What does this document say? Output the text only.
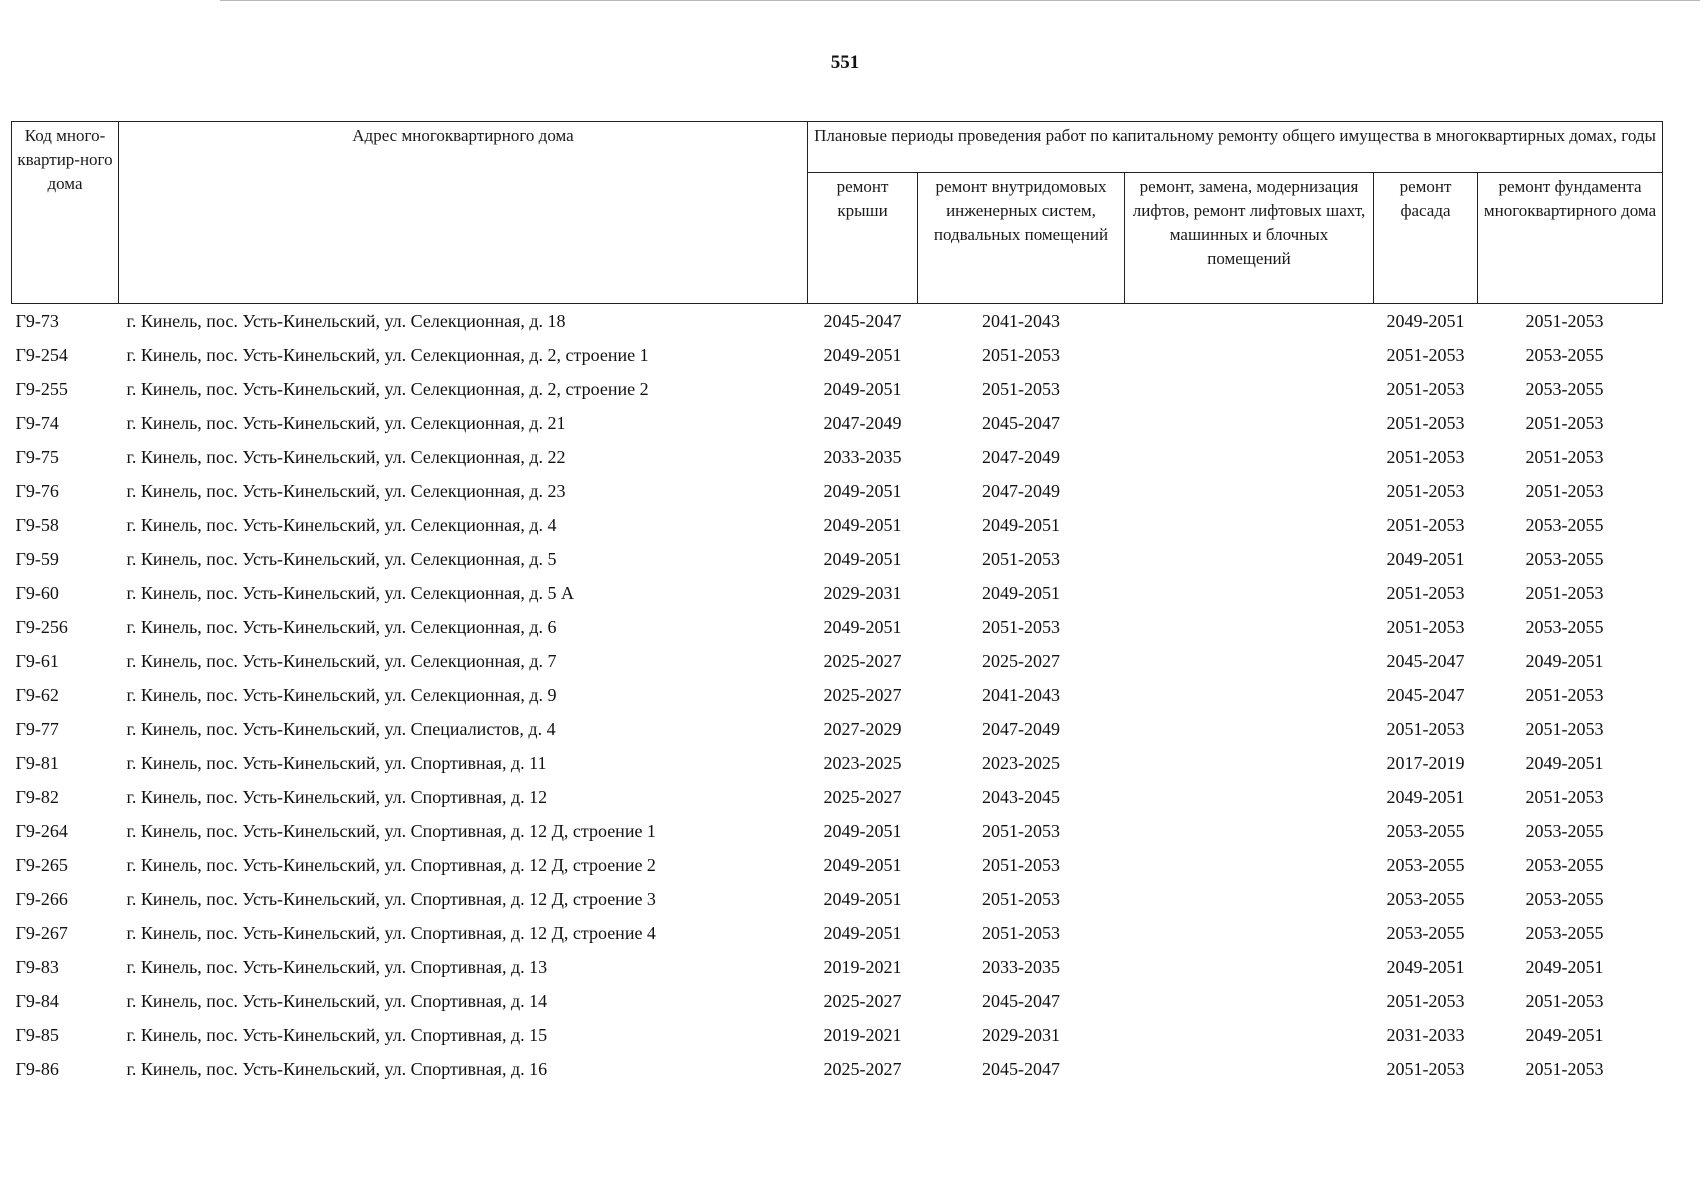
551
Код много-квартир-ного дома	Адрес многоквартирного дома	Плановые периоды проведения работ по капитальному ремонту общего имущества в многоквартирных домах, годы				
		ремонт крыши	ремонт внутридомовых инженерных систем, подвальных помещений	ремонт, замена, модернизация лифтов, ремонт лифтовых шахт, машинных и блочных помещений	ремонт фасада	ремонт фундамента многоквартирного дома
Г9-73	г. Кинель, пос. Усть-Кинельский, ул. Селекционная, д. 18	2045-2047	2041-2043		2049-2051	2051-2053
Г9-254	г. Кинель, пос. Усть-Кинельский, ул. Селекционная, д. 2, строение 1	2049-2051	2051-2053		2051-2053	2053-2055
Г9-255	г. Кинель, пос. Усть-Кинельский, ул. Селекционная, д. 2, строение 2	2049-2051	2051-2053		2051-2053	2053-2055
Г9-74	г. Кинель, пос. Усть-Кинельский, ул. Селекционная, д. 21	2047-2049	2045-2047		2051-2053	2051-2053
Г9-75	г. Кинель, пос. Усть-Кинельский, ул. Селекционная, д. 22	2033-2035	2047-2049		2051-2053	2051-2053
Г9-76	г. Кинель, пос. Усть-Кинельский, ул. Селекционная, д. 23	2049-2051	2047-2049		2051-2053	2051-2053
Г9-58	г. Кинель, пос. Усть-Кинельский, ул. Селекционная, д. 4	2049-2051	2049-2051		2051-2053	2053-2055
Г9-59	г. Кинель, пос. Усть-Кинельский, ул. Селекционная, д. 5	2049-2051	2051-2053		2049-2051	2053-2055
Г9-60	г. Кинель, пос. Усть-Кинельский, ул. Селекционная, д. 5 А	2029-2031	2049-2051		2051-2053	2051-2053
Г9-256	г. Кинель, пос. Усть-Кинельский, ул. Селекционная, д. 6	2049-2051	2051-2053		2051-2053	2053-2055
Г9-61	г. Кинель, пос. Усть-Кинельский, ул. Селекционная, д. 7	2025-2027	2025-2027		2045-2047	2049-2051
Г9-62	г. Кинель, пос. Усть-Кинельский, ул. Селекционная, д. 9	2025-2027	2041-2043		2045-2047	2051-2053
Г9-77	г. Кинель, пос. Усть-Кинельский, ул. Специалистов, д. 4	2027-2029	2047-2049		2051-2053	2051-2053
Г9-81	г. Кинель, пос. Усть-Кинельский, ул. Спортивная, д. 11	2023-2025	2023-2025		2017-2019	2049-2051
Г9-82	г. Кинель, пос. Усть-Кинельский, ул. Спортивная, д. 12	2025-2027	2043-2045		2049-2051	2051-2053
Г9-264	г. Кинель, пос. Усть-Кинельский, ул. Спортивная, д. 12 Д, строение 1	2049-2051	2051-2053		2053-2055	2053-2055
Г9-265	г. Кинель, пос. Усть-Кинельский, ул. Спортивная, д. 12 Д, строение 2	2049-2051	2051-2053		2053-2055	2053-2055
Г9-266	г. Кинель, пос. Усть-Кинельский, ул. Спортивная, д. 12 Д, строение 3	2049-2051	2051-2053		2053-2055	2053-2055
Г9-267	г. Кинель, пос. Усть-Кинельский, ул. Спортивная, д. 12 Д, строение 4	2049-2051	2051-2053		2053-2055	2053-2055
Г9-83	г. Кинель, пос. Усть-Кинельский, ул. Спортивная, д. 13	2019-2021	2033-2035		2049-2051	2049-2051
Г9-84	г. Кинель, пос. Усть-Кинельский, ул. Спортивная, д. 14	2025-2027	2045-2047		2051-2053	2051-2053
Г9-85	г. Кинель, пос. Усть-Кинельский, ул. Спортивная, д. 15	2019-2021	2029-2031		2031-2033	2049-2051
Г9-86	г. Кинель, пос. Усть-Кинельский, ул. Спортивная, д. 16	2025-2027	2045-2047		2051-2053	2051-2053
